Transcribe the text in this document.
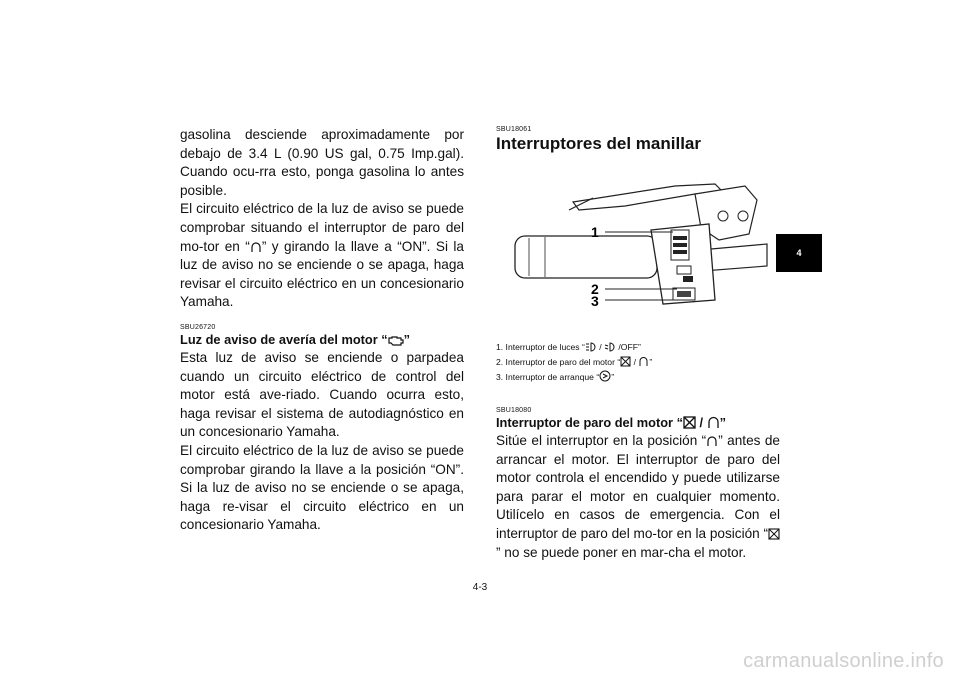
gasolina desciende aproximadamente por debajo de 3.4 L (0.90 US gal, 0.75 Imp.gal). Cuando ocu-rra esto, ponga gasolina lo antes posible.

El circuito eléctrico de la luz de aviso se puede comprobar situando el interruptor de paro del mo-tor en “ ” y girando la llave a “ON”. Si la luz de aviso no se enciende o se apaga, haga revisar el circuito eléctrico en un concesionario Yamaha.

SBU26720

Luz de aviso de avería del motor “ ”

Esta luz de aviso se enciende o parpadea cuando un circuito eléctrico de control del motor está ave-riado. Cuando ocurra esto, haga revisar el sistema de autodiagnóstico en un concesionario Yamaha.

El circuito eléctrico de la luz de aviso se puede comprobar girando la llave a la posición “ON”. Si la luz de aviso no se enciende o se apaga, haga re-visar el circuito eléctrico en un concesionario Yamaha.

SBU18061

Interruptores del manillar

1
2
3

1. Interruptor de luces “ /  /OFF”

2. Interruptor de paro del motor “ / ”

3. Interruptor de arranque “ ”

SBU18080

Interruptor de paro del motor “ / ”

Sitúe el interruptor en la posición “ ” antes de arrancar el motor. El interruptor de paro del motor controla el encendido y puede utilizarse para parar el motor en cualquier momento. Utilícelo en casos de emergencia. Con el interruptor de paro del mo-tor en la posición “” no se puede poner en mar-cha el motor.

4
4-3
carmanualsonline.info
